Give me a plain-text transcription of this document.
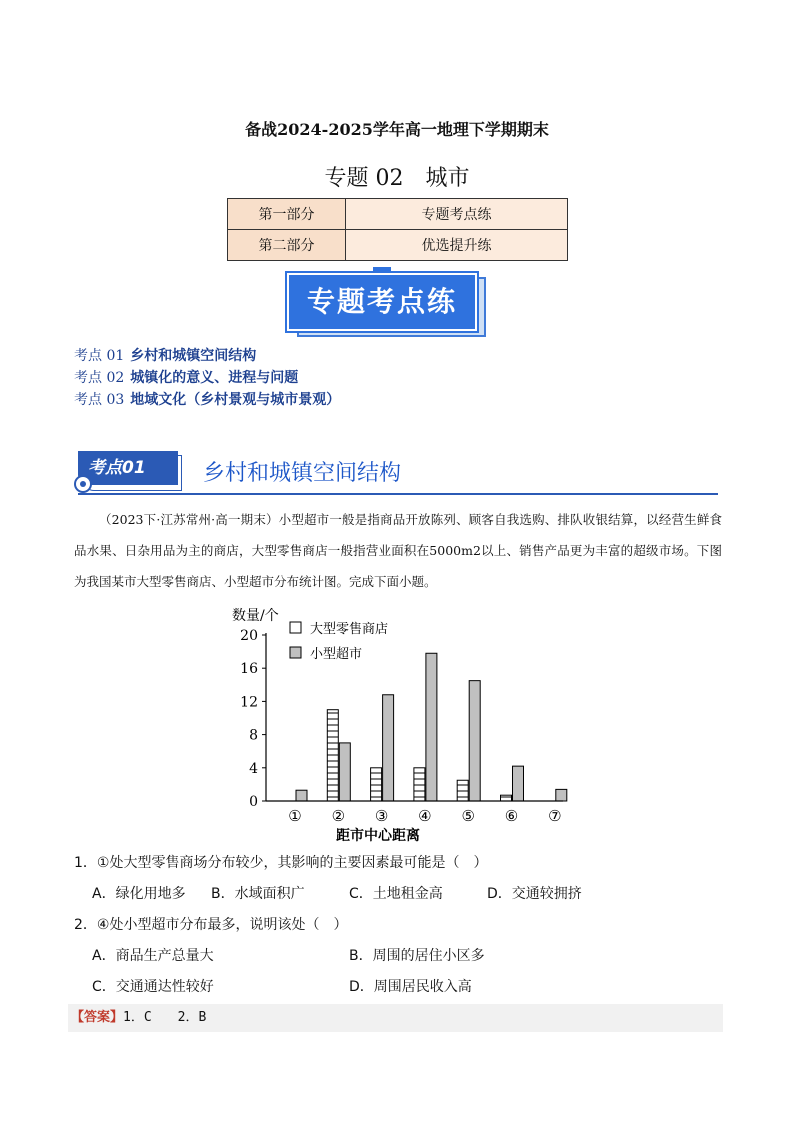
备战2024-2025学年高一地理下学期期末
专题 02　城市
第一部分	专题考点练
第二部分	优选提升练
专题考点练
考点 01 乡村和城镇空间结构
考点 02 城镇化的意义、进程与问题
考点 03 地域文化（乡村景观与城市景观）
考点01	乡村和城镇空间结构
（2023下·江苏常州·高一期末）小型超市一般是指商品开放陈列、顾客自我选购、排队收银结算，以经营生鲜食品水果、日杂用品为主的商店，大型零售商店一般指营业面积在5000m2以上、销售产品更为丰富的超级市场。下图为我国某市大型零售商店、小型超市分布统计图。完成下面小题。
数量/个
0
4
8
12
16
20
① ② ③ ④ ⑤ ⑥ ⑦
大型零售商店
小型超市
距市中心距离
1．①处大型零售商场分布较少，其影响的主要因素最可能是（　）
A．绿化用地多 B．水域面积广	C．土地租金高	D．交通较拥挤
2．④处小型超市分布最多，说明该处（　）
A．商品生产总量大	B．周围的居住小区多
C．交通通达性较好	D．周围居民收入高
【答案】1．C　　2．B
